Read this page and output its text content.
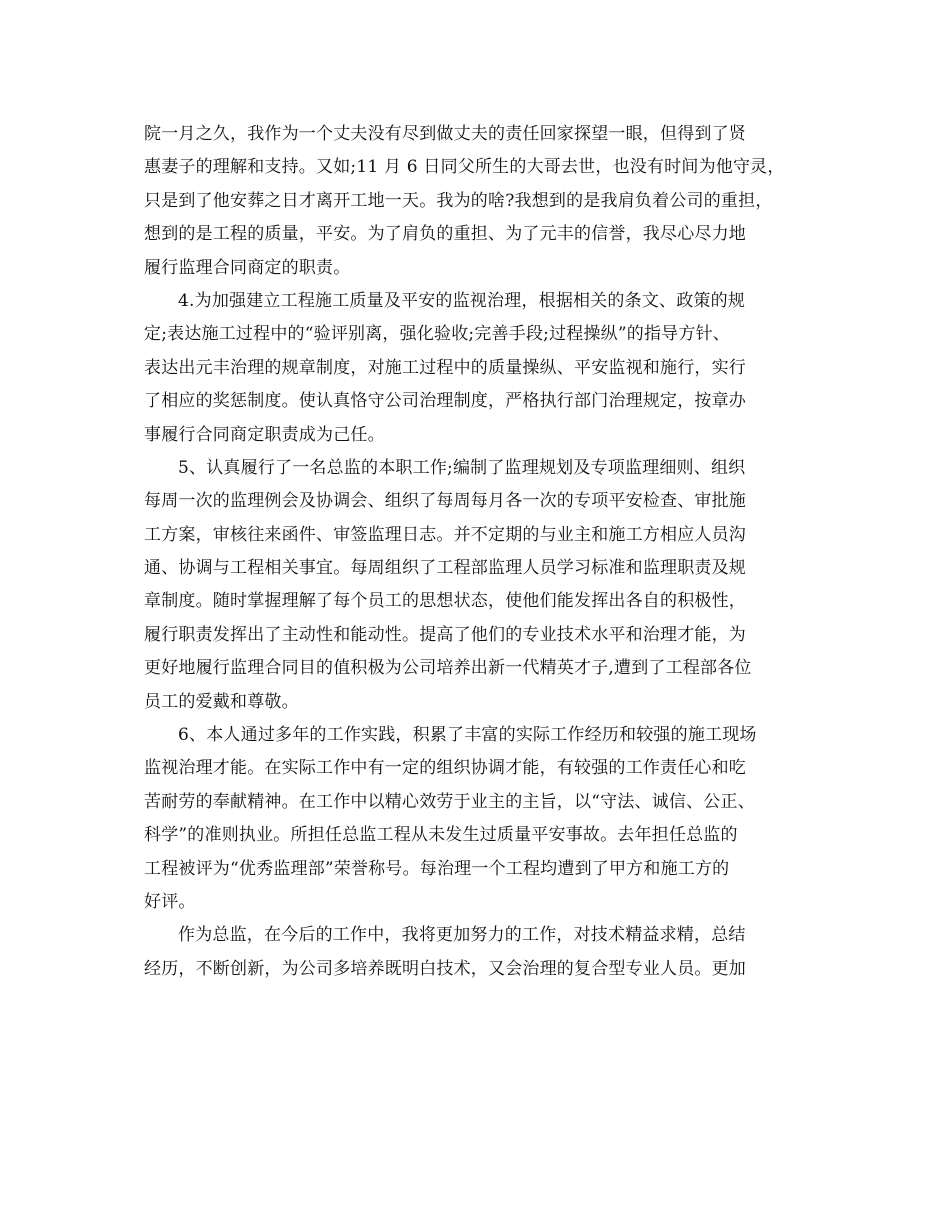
院一月之久，我作为一个丈夫没有尽到做丈夫的责任回家探望一眼，但得到了贤
惠妻子的理解和支持。又如;11 月 6 日同父所生的大哥去世，也没有时间为他守灵，
只是到了他安葬之日才离开工地一天。我为的啥?我想到的是我肩负着公司的重担，
想到的是工程的质量，平安。为了肩负的重担、为了元丰的信誉，我尽心尽力地
履行监理合同商定的职责。
4.为加强建立工程施工质量及平安的监视治理，根据相关的条文、政策的规
定;表达施工过程中的“验评别离，强化验收;完善手段;过程操纵”的指导方针、
表达出元丰治理的规章制度，对施工过程中的质量操纵、平安监视和施行，实行
了相应的奖惩制度。使认真恪守公司治理制度，严格执行部门治理规定，按章办
事履行合同商定职责成为己任。
5、认真履行了一名总监的本职工作;编制了监理规划及专项监理细则、组织
每周一次的监理例会及协调会、组织了每周每月各一次的专项平安检查、审批施
工方案，审核往来函件、审签监理日志。并不定期的与业主和施工方相应人员沟
通、协调与工程相关事宜。每周组织了工程部监理人员学习标准和监理职责及规
章制度。随时掌握理解了每个员工的思想状态，使他们能发挥出各自的积极性，
履行职责发挥出了主动性和能动性。提高了他们的专业技术水平和治理才能，为
更好地履行监理合同目的值积极为公司培养出新一代精英才子,遭到了工程部各位
员工的爱戴和尊敬。
6、本人通过多年的工作实践，积累了丰富的实际工作经历和较强的施工现场
监视治理才能。在实际工作中有一定的组织协调才能，有较强的工作责任心和吃
苦耐劳的奉献精神。在工作中以精心效劳于业主的主旨，以“守法、诚信、公正、
科学”的准则执业。所担任总监工程从未发生过质量平安事故。去年担任总监的
工程被评为“优秀监理部”荣誉称号。每治理一个工程均遭到了甲方和施工方的
好评。
作为总监，在今后的工作中，我将更加努力的工作，对技术精益求精，总结
经历，不断创新，为公司多培养既明白技术，又会治理的复合型专业人员。更加
